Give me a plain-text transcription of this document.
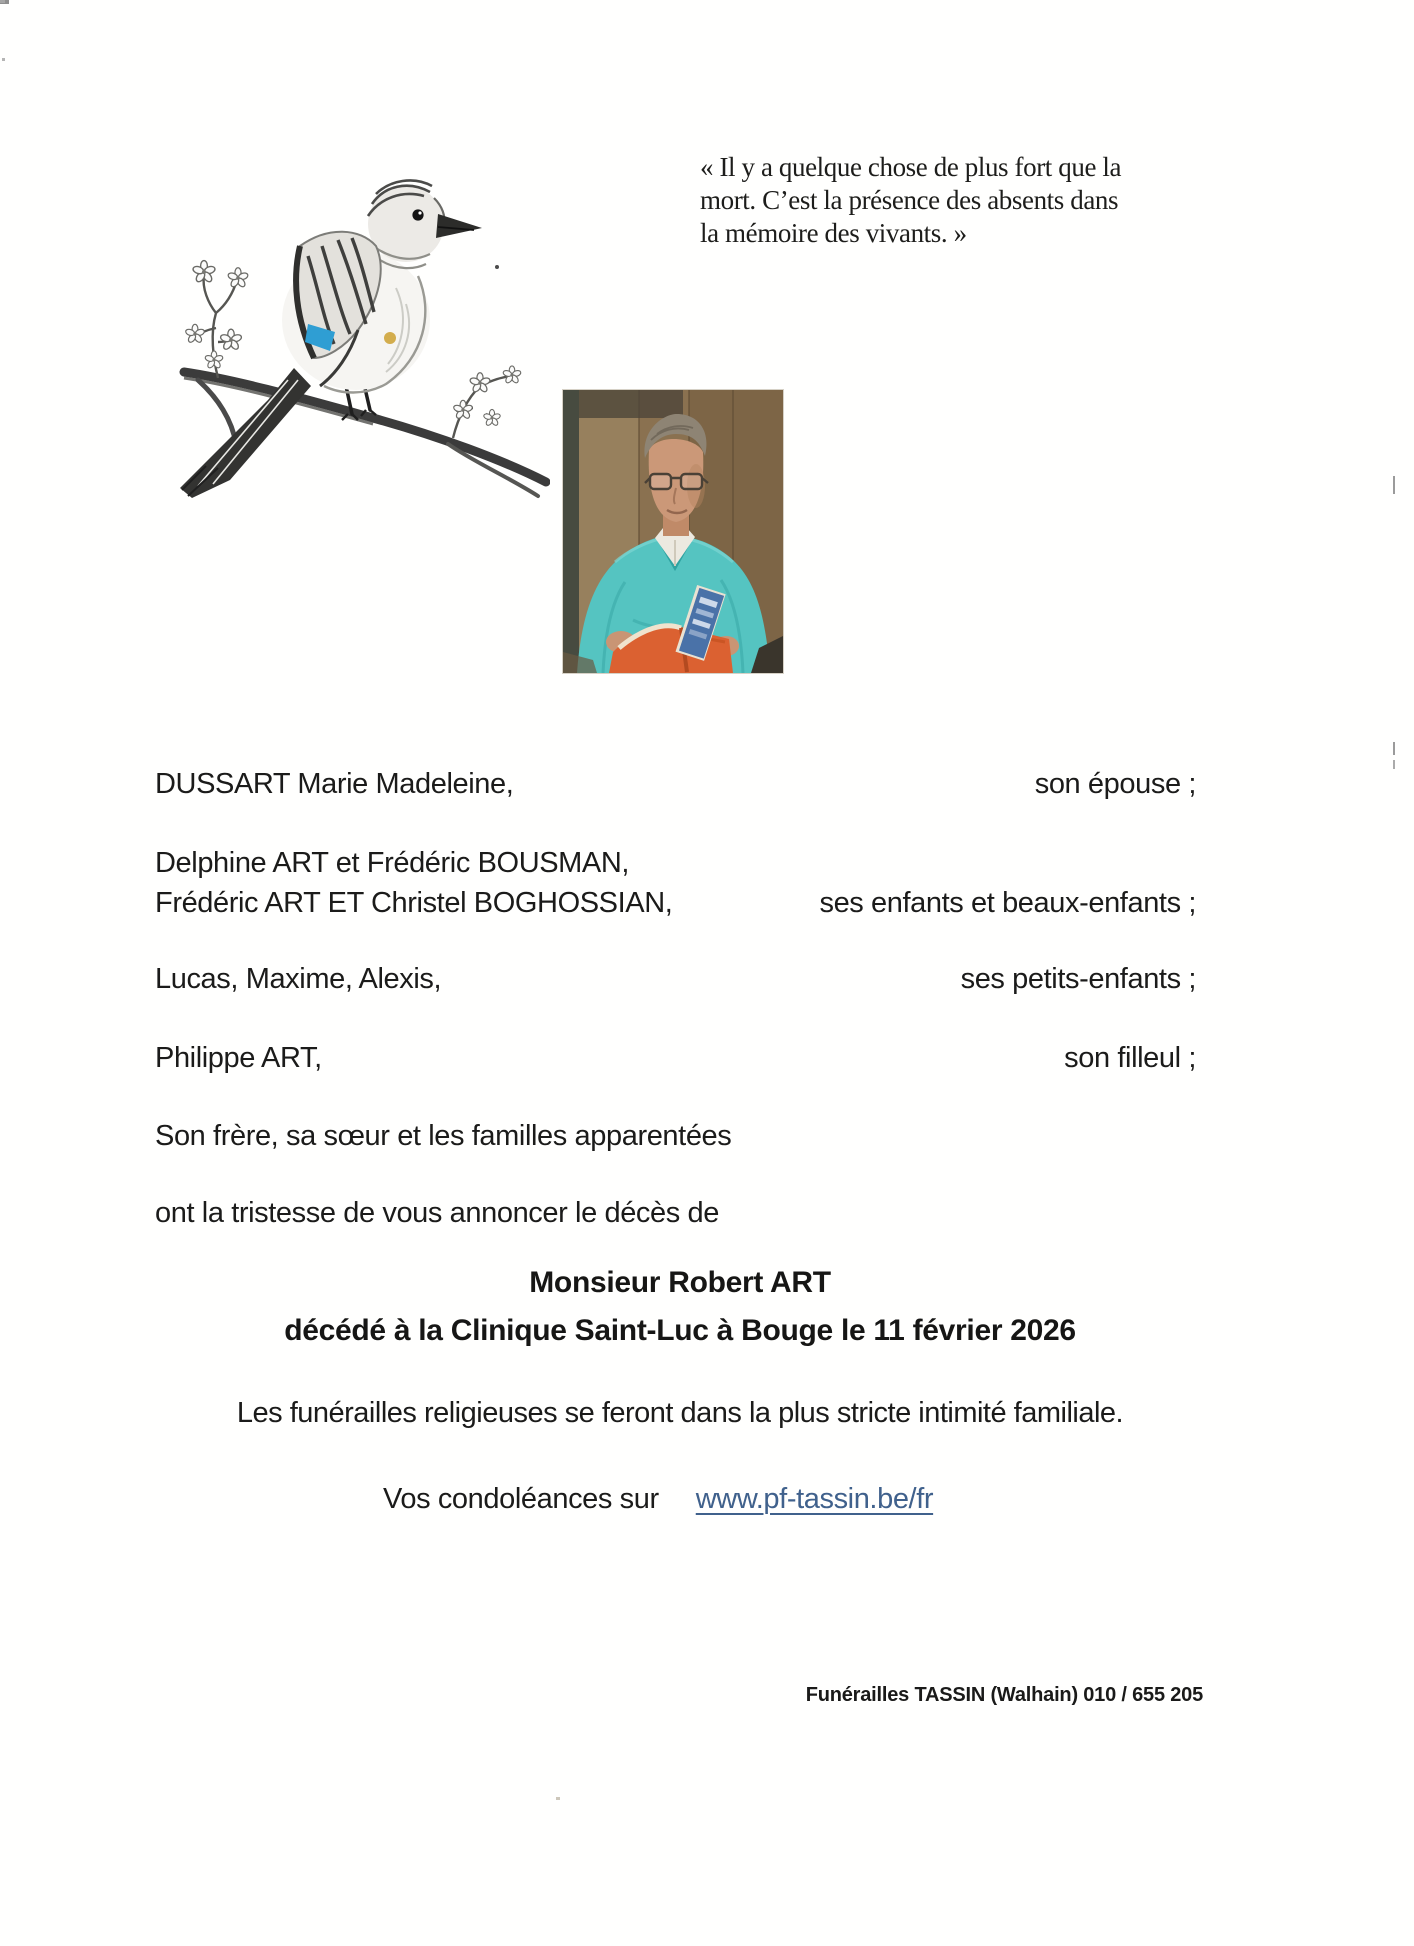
« Il y a quelque chose de plus fort que la
mort. C’est la présence des absents dans
la mémoire des vivants. »
DUSSART Marie Madeleine,	son épouse ;
Delphine ART et Frédéric BOUSMAN,
Frédéric ART ET Christel BOGHOSSIAN,	ses enfants et beaux-enfants ;
Lucas, Maxime, Alexis,	ses petits-enfants ;
Philippe ART,	son filleul ;
Son frère, sa sœur et les familles apparentées
ont la tristesse de vous annoncer le décès de
Monsieur Robert ART
décédé à la Clinique Saint-Luc à Bouge le 11 février 2026
Les funérailles religieuses se feront dans la plus stricte intimité familiale.
Vos condoléances sur www.pf-tassin.be/fr
Funérailles TASSIN (Walhain) 010 / 655 205
